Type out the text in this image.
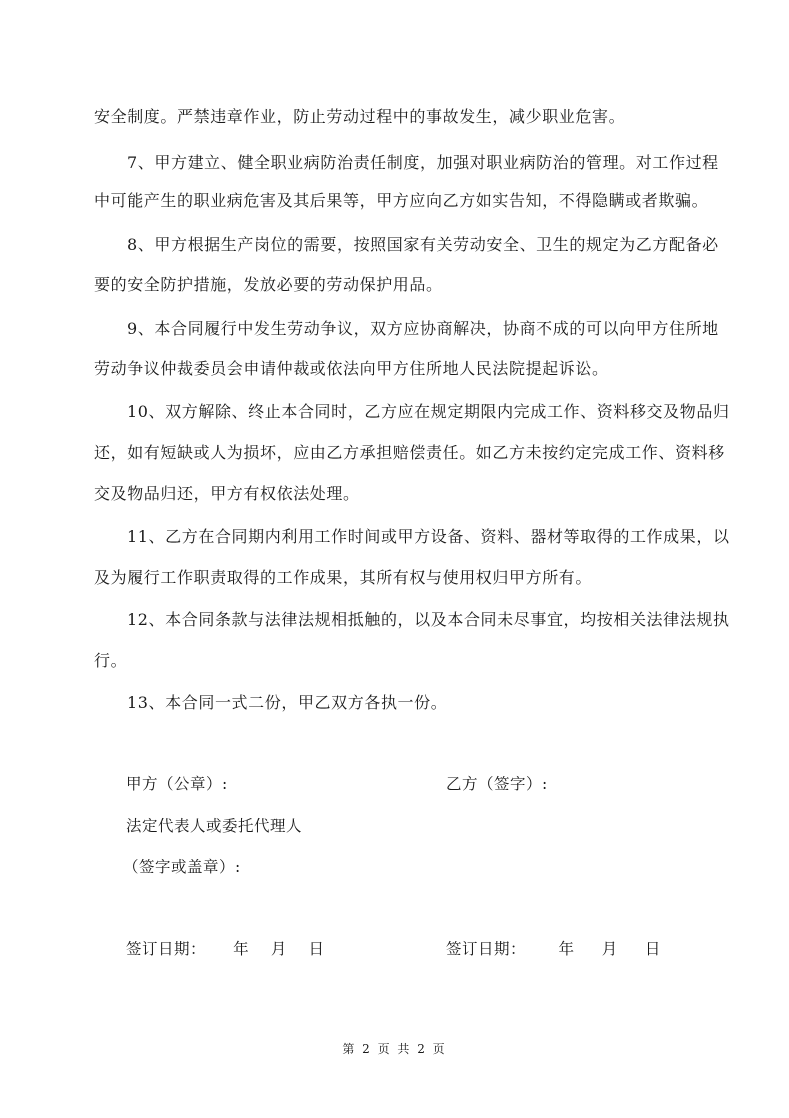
安全制度。严禁违章作业，防止劳动过程中的事故发生，减少职业危害。
7、甲方建立、健全职业病防治责任制度，加强对职业病防治的管理。对工作过程
中可能产生的职业病危害及其后果等，甲方应向乙方如实告知，不得隐瞒或者欺骗。
8、甲方根据生产岗位的需要，按照国家有关劳动安全、卫生的规定为乙方配备必
要的安全防护措施，发放必要的劳动保护用品。
9、本合同履行中发生劳动争议，双方应协商解决，协商不成的可以向甲方住所地
劳动争议仲裁委员会申请仲裁或依法向甲方住所地人民法院提起诉讼。
10、双方解除、终止本合同时，乙方应在规定期限内完成工作、资料移交及物品归
还，如有短缺或人为损坏，应由乙方承担赔偿责任。如乙方未按约定完成工作、资料移
交及物品归还，甲方有权依法处理。
11、乙方在合同期内利用工作时间或甲方设备、资料、器材等取得的工作成果，以
及为履行工作职责取得的工作成果，其所有权与使用权归甲方所有。
12、本合同条款与法律法规相抵触的，以及本合同未尽事宜，均按相关法律法规执
行。
13、本合同一式二份，甲乙双方各执一份。
甲方（公章）:	乙方（签字）:
法定代表人或委托代理人
（签字或盖章）:
签订日期：     年    月    日	签订日期：      年     月     日
第 2 页 共 2 页
